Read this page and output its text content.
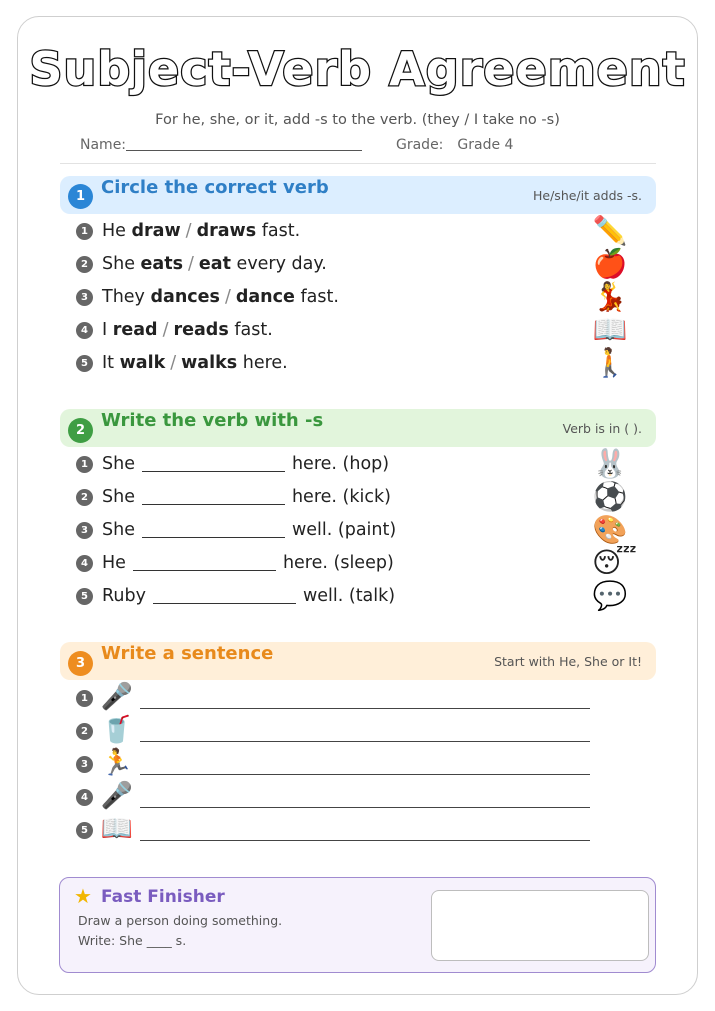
Subject-Verb Agreement
For he, she, or it, add -s to the verb. (they / I take no -s)
Name:	Grade: Grade 4
1 Circle the correct verb	He/she/it adds -s.
1 He draw / draws fast.
2 She eats / eat every day.
3 They dances / dance fast.
4 I read / reads fast.
5 It walk / walks here.
✏️
🍎
💃
📖
🚶
2 Write the verb with -s	Verb is in ( ).
1 She	here. (hop)
2 She	here. (kick)
3 She	well. (paint)
4 He	here. (sleep)
5 Ruby	well. (talk)
🐰
⚽
🎨
😴
💬
3 Write a sentence	Start with He, She or It!
1 🎤
2 🥤
3 🏃
4 🎤
5 📖
★ Fast Finisher
Draw a person doing something.
Write: She ____ s.
